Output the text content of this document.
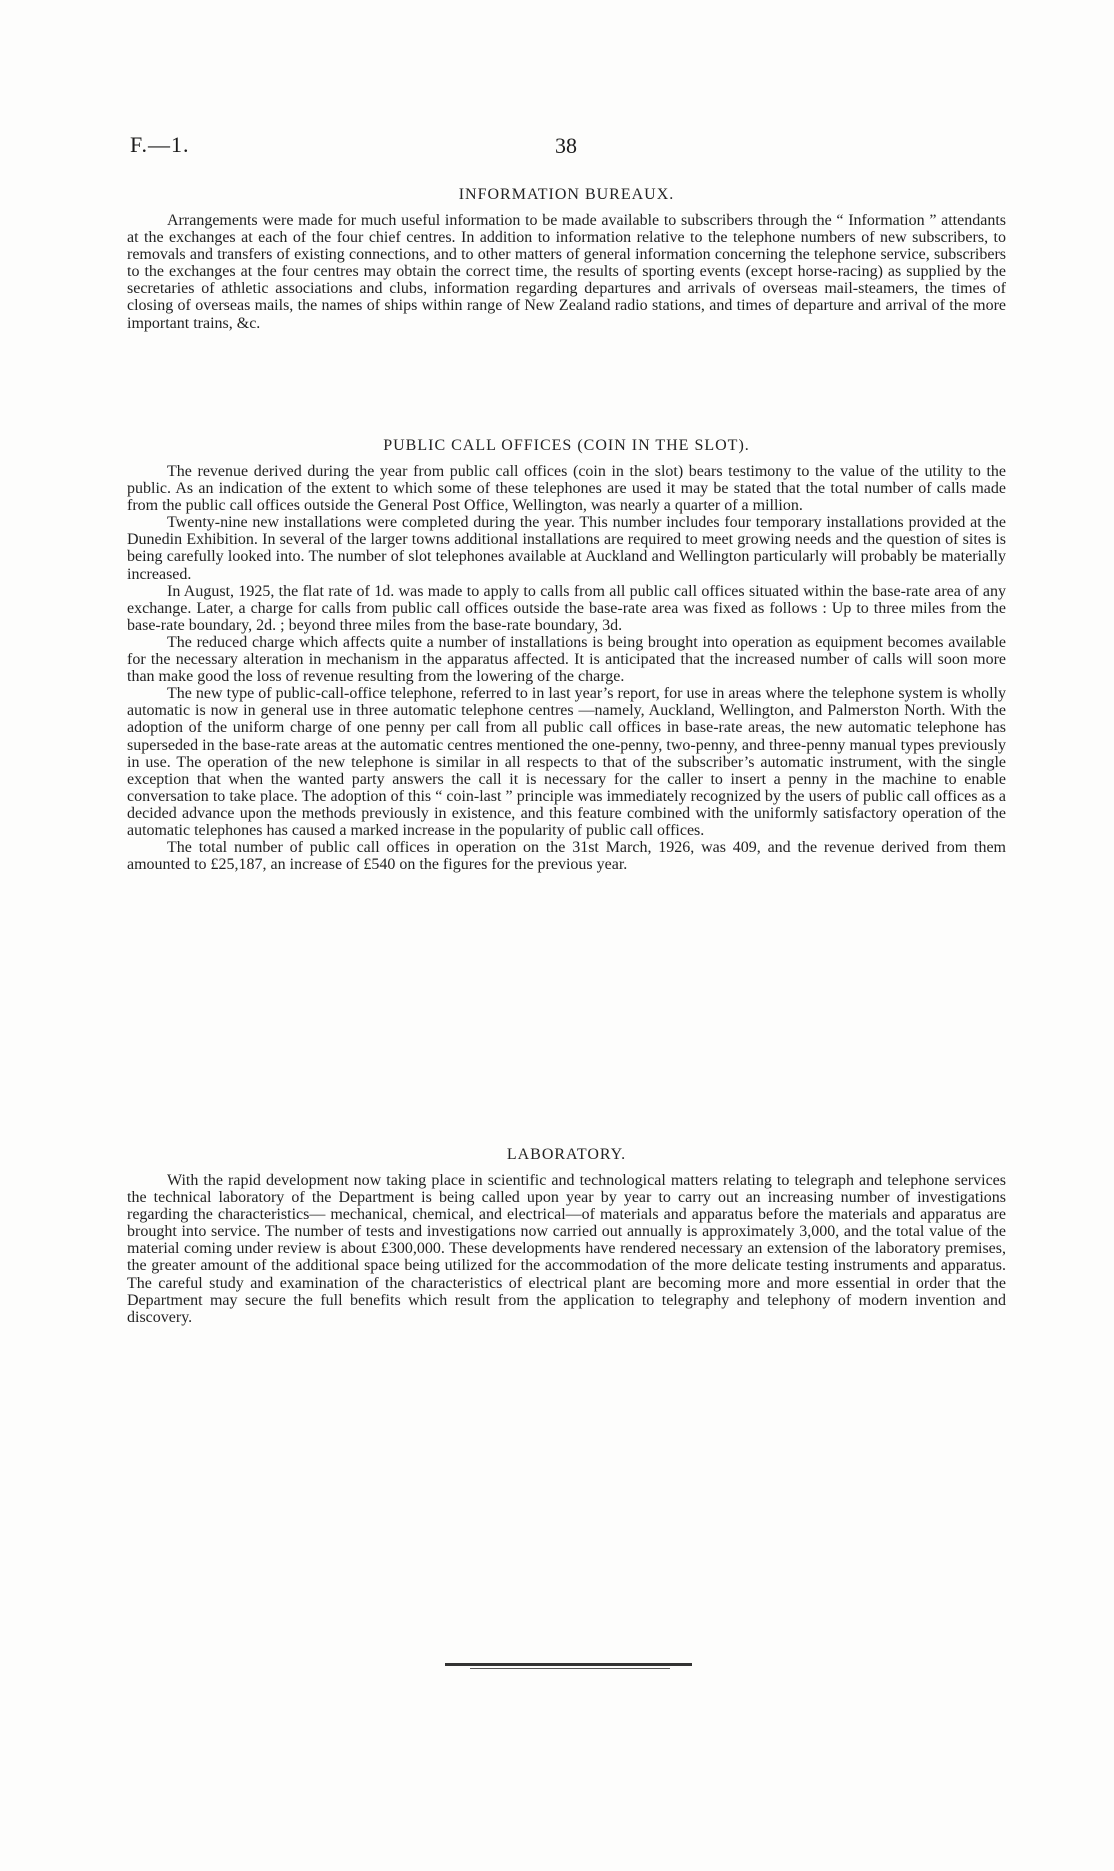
F.—1.	38
INFORMATION BUREAUX.

Arrangements were made for much useful information to be made available to subscribers through the “ Information ” attendants at the exchanges at each of the four chief centres. In addition to information relative to the telephone numbers of new subscribers, to removals and transfers of existing connections, and to other matters of general information concerning the telephone service, subscribers to the exchanges at the four centres may obtain the correct time, the results of sporting events (except horse-racing) as supplied by the secretaries of athletic associations and clubs, information regarding departures and arrivals of overseas mail-steamers, the times of closing of overseas mails, the names of ships within range of New Zealand radio stations, and times of departure and arrival of the more important trains, &c.

PUBLIC CALL OFFICES (COIN IN THE SLOT).

The revenue derived during the year from public call offices (coin in the slot) bears testimony to the value of the utility to the public. As an indication of the extent to which some of these telephones are used it may be stated that the total number of calls made from the public call offices outside the General Post Office, Wellington, was nearly a quarter of a million.

Twenty-nine new installations were completed during the year. This number includes four temporary installations provided at the Dunedin Exhibition. In several of the larger towns additional installations are required to meet growing needs and the question of sites is being carefully looked into. The number of slot telephones available at Auckland and Wellington particularly will probably be materially increased.

In August, 1925, the flat rate of 1d. was made to apply to calls from all public call offices situated within the base-rate area of any exchange. Later, a charge for calls from public call offices outside the base-rate area was fixed as follows : Up to three miles from the base-rate boundary, 2d. ; beyond three miles from the base-rate boundary, 3d.

The reduced charge which affects quite a number of installations is being brought into operation as equipment becomes available for the necessary alteration in mechanism in the apparatus affected. It is anticipated that the increased number of calls will soon more than make good the loss of revenue resulting from the lowering of the charge.

The new type of public-call-office telephone, referred to in last year’s report, for use in areas where the telephone system is wholly automatic is now in general use in three automatic telephone centres —namely, Auckland, Wellington, and Palmerston North. With the adoption of the uniform charge of one penny per call from all public call offices in base-rate areas, the new automatic telephone has superseded in the base-rate areas at the automatic centres mentioned the one-penny, two-penny, and three-penny manual types previously in use. The operation of the new telephone is similar in all respects to that of the subscriber’s automatic instrument, with the single exception that when the wanted party answers the call it is necessary for the caller to insert a penny in the machine to enable conversation to take place. The adoption of this “ coin-last ” principle was immediately recognized by the users of public call offices as a decided advance upon the methods previously in existence, and this feature combined with the uniformly satisfactory operation of the automatic telephones has caused a marked increase in the popularity of public call offices.

The total number of public call offices in operation on the 31st March, 1926, was 409, and the revenue derived from them amounted to £25,187, an increase of £540 on the figures for the previous year.

LABORATORY.

With the rapid development now taking place in scientific and technological matters relating to telegraph and telephone services the technical laboratory of the Department is being called upon year by year to carry out an increasing number of investigations regarding the characteristics— mechanical, chemical, and electrical—of materials and apparatus before the materials and apparatus are brought into service. The number of tests and investigations now carried out annually is approximately 3,000, and the total value of the material coming under review is about £300,000. These developments have rendered necessary an extension of the laboratory premises, the greater amount of the additional space being utilized for the accommodation of the more delicate testing instruments and apparatus. The careful study and examination of the characteristics of electrical plant are becoming more and more essential in order that the Department may secure the full benefits which result from the application to telegraphy and telephony of modern invention and discovery.
